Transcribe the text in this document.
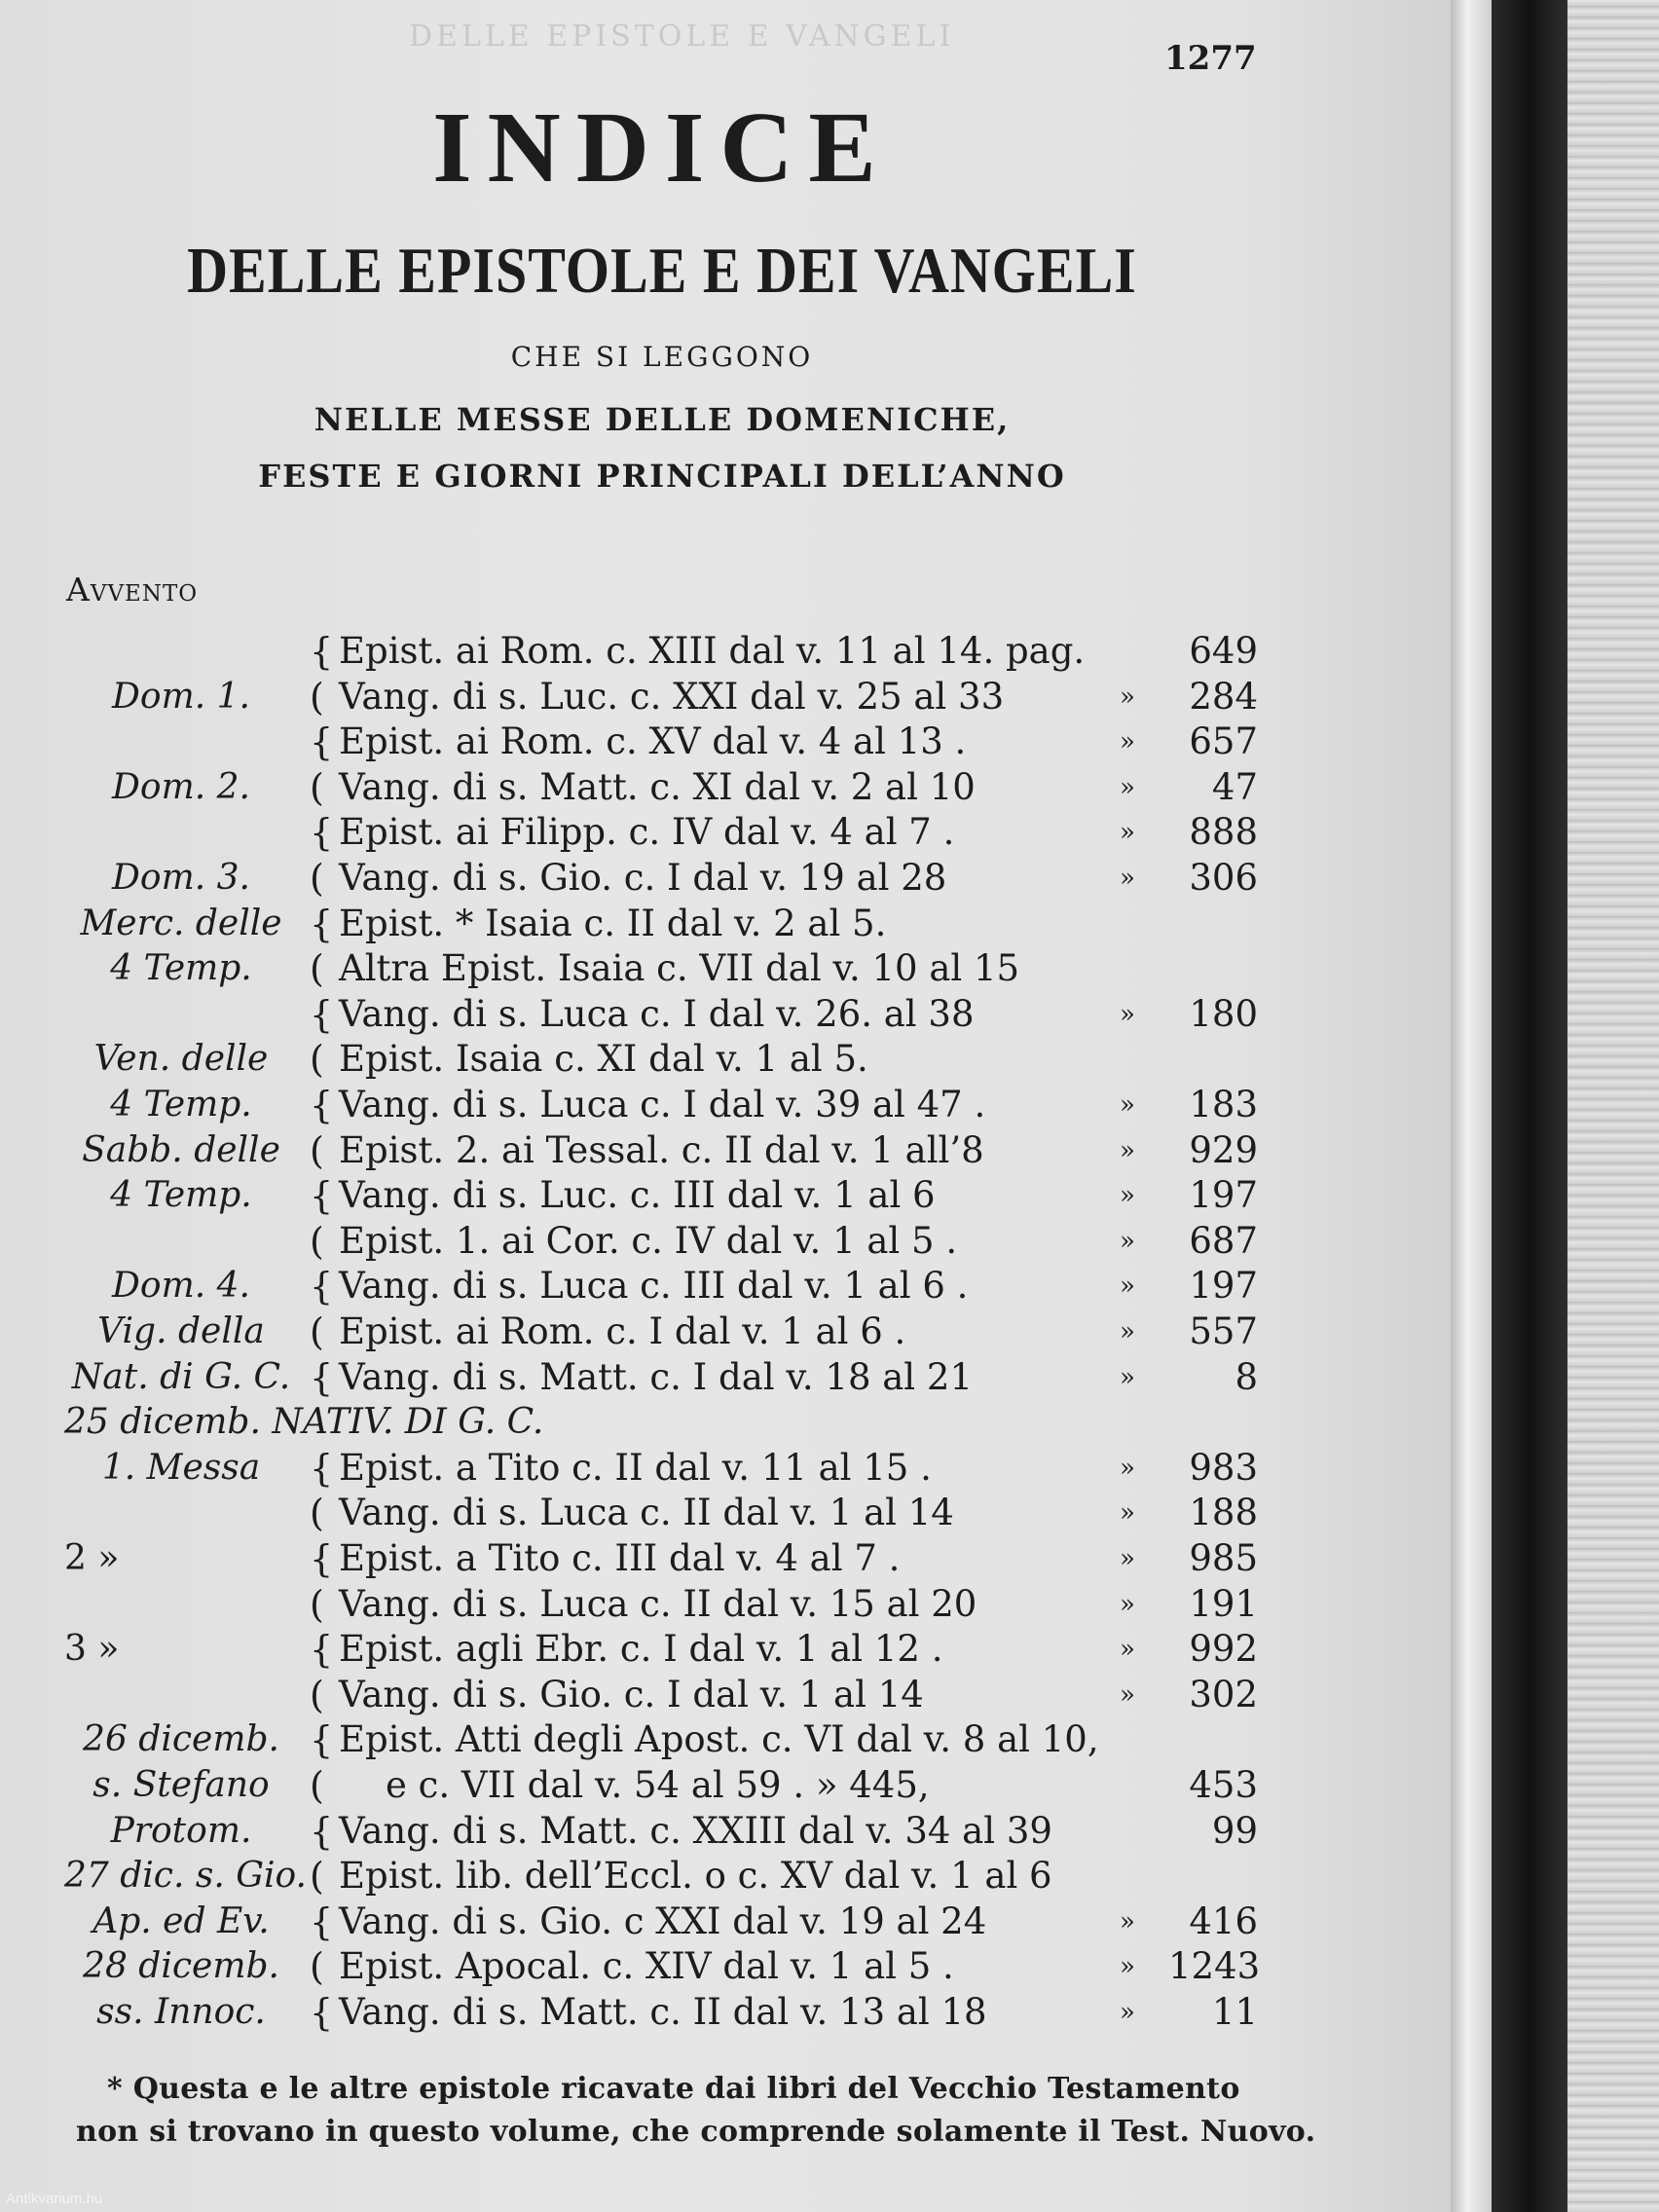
DELLE EPISTOLE E VANGELI
1277
INDICE
DELLE EPISTOLE E DEI VANGELI
CHE SI LEGGONO
NELLE MESSE DELLE DOMENICHE,
FESTE E GIORNI PRINCIPALI DELL’ANNO
Avvento
{ Epist. ai Rom. c. XIII dal v. 11 al 14. pag.	649
Dom. 1.	( Vang. di s. Luc. c. XXI dal v. 25 al 33	»	284
{ Epist. ai Rom. c. XV dal v. 4 al 13 .	»	657
Dom. 2.	( Vang. di s. Matt. c. XI dal v. 2 al 10	»	47
{ Epist. ai Filipp. c. IV dal v. 4 al 7 .	»	888
Dom. 3.	( Vang. di s. Gio. c. I dal v. 19 al 28	»	306
Merc. delle { Epist. * Isaia c. II dal v. 2 al 5.
4 Temp.	( Altra Epist. Isaia c. VII dal v. 10 al 15
{ Vang. di s. Luca c. I dal v. 26. al 38	»	180
Ven. delle	( Epist. Isaia c. XI dal v. 1 al 5.
4 Temp.	{ Vang. di s. Luca c. I dal v. 39 al 47 .	»	183
Sabb. delle ( Epist. 2. ai Tessal. c. II dal v. 1 all’8	»	929
4 Temp.	{ Vang. di s. Luc. c. III dal v. 1 al 6	»	197
( Epist. 1. ai Cor. c. IV dal v. 1 al 5 .	»	687
Dom. 4.	{ Vang. di s. Luca c. III dal v. 1 al 6 .	»	197
Vig. della	( Epist. ai Rom. c. I dal v. 1 al 6 .	»	557
Nat. di G. C. { Vang. di s. Matt. c. I dal v. 18 al 21	»	8
25 dicemb. NATIV. DI G. C.
1. Messa	{ Epist. a Tito c. II dal v. 11 al 15 .	»	983
( Vang. di s. Luca c. II dal v. 1 al 14	»	188
2 »	{ Epist. a Tito c. III dal v. 4 al 7 .	»	985
( Vang. di s. Luca c. II dal v. 15 al 20	»	191
3 »	{ Epist. agli Ebr. c. I dal v. 1 al 12 .	»	992
( Vang. di s. Gio. c. I dal v. 1 al 14	»	302
26 dicemb. { Epist. Atti degli Apost. c. VI dal v. 8 al 10,
s. Stefano	( e c. VII dal v. 54 al 59 . » 445,	453
Protom.	{ Vang. di s. Matt. c. XXIII dal v. 34 al 39	99
27 dic. s. Gio. ( Epist. lib. dell’Eccl. o c. XV dal v. 1 al 6
Ap. ed Ev.	{ Vang. di s. Gio. c XXI dal v. 19 al 24	»	416
28 dicemb. ( Epist. Apocal. c. XIV dal v. 1 al 5 .	» 1243
ss. Innoc.	{ Vang. di s. Matt. c. II dal v. 13 al 18	»	11
* Questa e le altre epistole ricavate dai libri del Vecchio Testamento
non si trovano in questo volume, che comprende solamente il Test. Nuovo.
Antikvarium.hu
